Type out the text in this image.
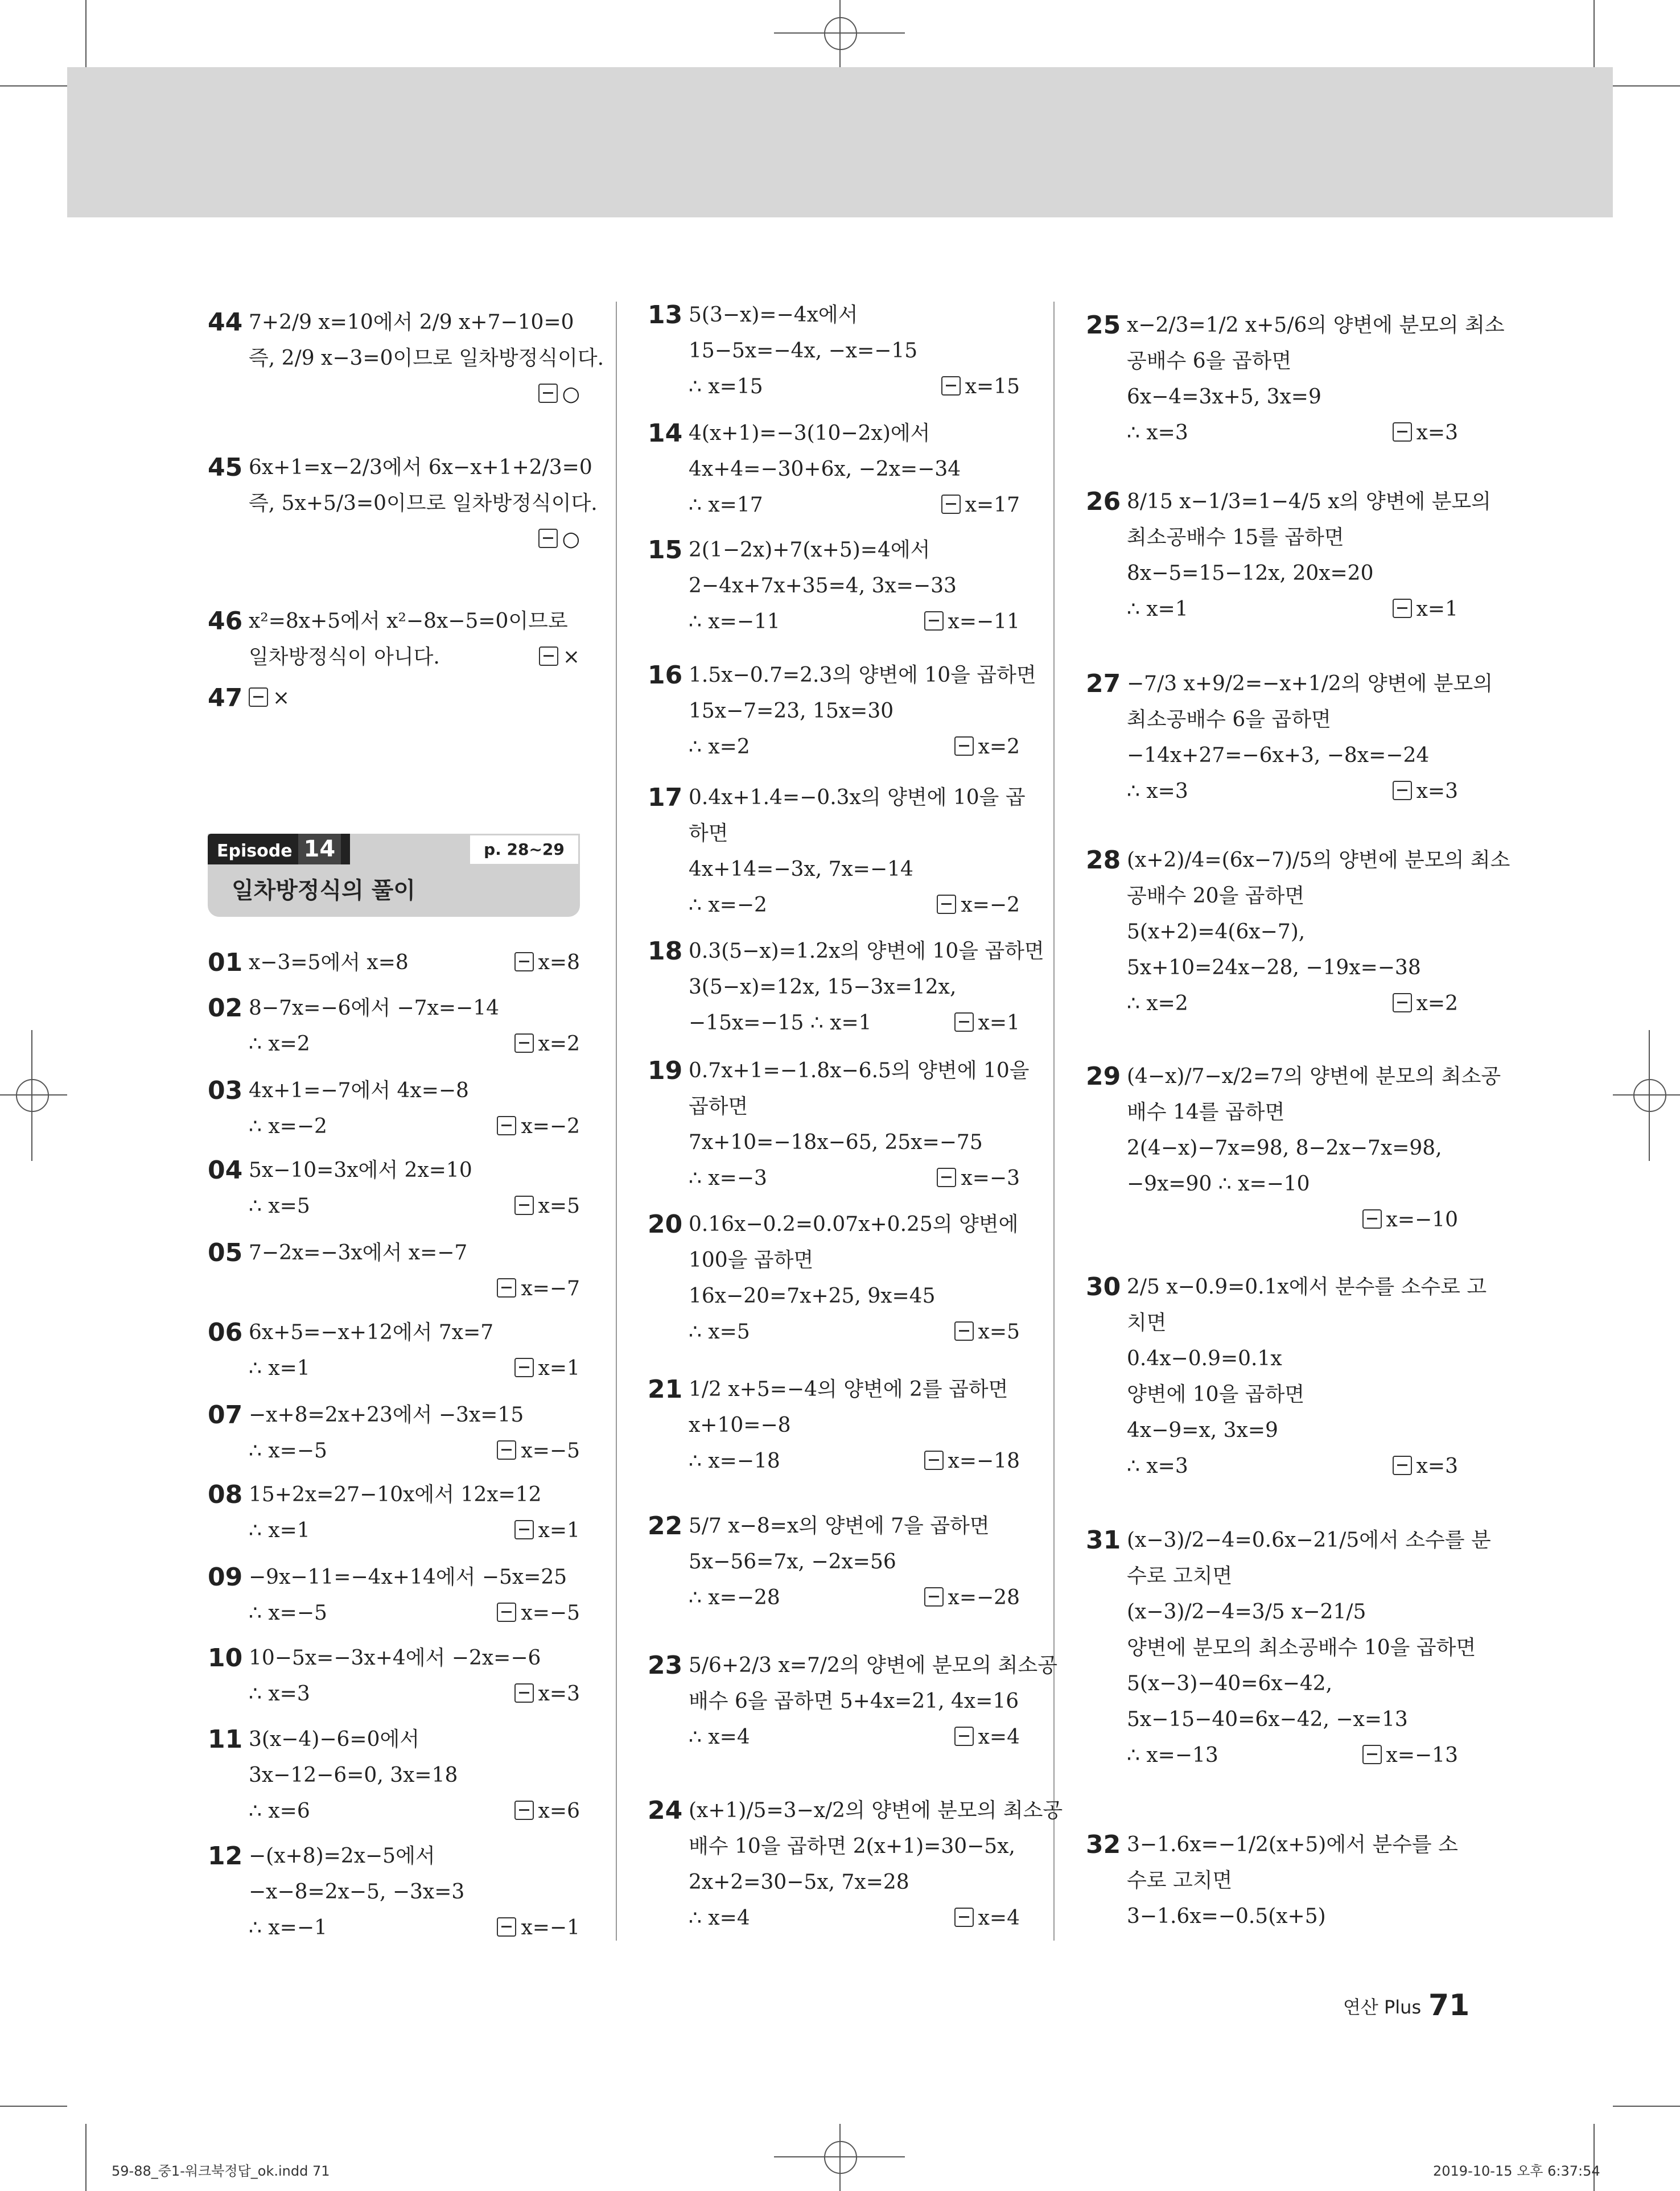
44 7+2/9 x=10에서 2/9 x+7−10=0
즉, 2/9 x−3=0이므로 일차방정식이다.
○
45 6x+1=x−2/3에서 6x−x+1+2/3=0
즉, 5x+5/3=0이므로 일차방정식이다.
○
46 x²=8x+5에서 x²−8x−5=0이므로
일차방정식이 아니다.	×
47	×
01 x−3=5에서 x=8	x=8
02 8−7x=−6에서 −7x=−14
∴ x=2	x=2
03 4x+1=−7에서 4x=−8
∴ x=−2	x=−2
04 5x−10=3x에서 2x=10
∴ x=5	x=5
05 7−2x=−3x에서 x=−7
x=−7
06 6x+5=−x+12에서 7x=7
∴ x=1	x=1
07 −x+8=2x+23에서 −3x=15
∴ x=−5	x=−5
08 15+2x=27−10x에서 12x=12
∴ x=1	x=1
09 −9x−11=−4x+14에서 −5x=25
∴ x=−5	x=−5
10 10−5x=−3x+4에서 −2x=−6
∴ x=3	x=3
11 3(x−4)−6=0에서
3x−12−6=0, 3x=18
∴ x=6	x=6
12 −(x+8)=2x−5에서
−x−8=2x−5, −3x=3
∴ x=−1	x=−1
13 5(3−x)=−4x에서
15−5x=−4x, −x=−15
∴ x=15	x=15
14 4(x+1)=−3(10−2x)에서
4x+4=−30+6x, −2x=−34
∴ x=17	x=17
15 2(1−2x)+7(x+5)=4에서
2−4x+7x+35=4, 3x=−33
∴ x=−11	x=−11
16 1.5x−0.7=2.3의 양변에 10을 곱하면
15x−7=23, 15x=30
∴ x=2	x=2
17 0.4x+1.4=−0.3x의 양변에 10을 곱
하면
4x+14=−3x, 7x=−14
∴ x=−2	x=−2
18 0.3(5−x)=1.2x의 양변에 10을 곱하면
3(5−x)=12x, 15−3x=12x,
−15x=−15 ∴ x=1	x=1
19 0.7x+1=−1.8x−6.5의 양변에 10을
곱하면
7x+10=−18x−65, 25x=−75
∴ x=−3	x=−3
20 0.16x−0.2=0.07x+0.25의 양변에
100을 곱하면
16x−20=7x+25, 9x=45
∴ x=5	x=5
21 1/2 x+5=−4의 양변에 2를 곱하면
x+10=−8
∴ x=−18	x=−18
22 5/7 x−8=x의 양변에 7을 곱하면
5x−56=7x, −2x=56
∴ x=−28	x=−28
23 5/6+2/3 x=7/2의 양변에 분모의 최소공
배수 6을 곱하면 5+4x=21, 4x=16
∴ x=4	x=4
24 (x+1)/5=3−x/2의 양변에 분모의 최소공
배수 10을 곱하면 2(x+1)=30−5x,
2x+2=30−5x, 7x=28
∴ x=4	x=4
25 x−2/3=1/2 x+5/6의 양변에 분모의 최소
공배수 6을 곱하면
6x−4=3x+5, 3x=9
∴ x=3	x=3
26 8/15 x−1/3=1−4/5 x의 양변에 분모의
최소공배수 15를 곱하면
8x−5=15−12x, 20x=20
∴ x=1	x=1
27 −7/3 x+9/2=−x+1/2의 양변에 분모의
최소공배수 6을 곱하면
−14x+27=−6x+3, −8x=−24
∴ x=3	x=3
28 (x+2)/4=(6x−7)/5의 양변에 분모의 최소
공배수 20을 곱하면
5(x+2)=4(6x−7),
5x+10=24x−28, −19x=−38
∴ x=2	x=2
29 (4−x)/7−x/2=7의 양변에 분모의 최소공
배수 14를 곱하면
2(4−x)−7x=98, 8−2x−7x=98,
−9x=90 ∴ x=−10
x=−10
30 2/5 x−0.9=0.1x에서 분수를 소수로 고
치면
0.4x−0.9=0.1x
양변에 10을 곱하면
4x−9=x, 3x=9
∴ x=3	x=3
31 (x−3)/2−4=0.6x−21/5에서 소수를 분
수로 고치면
(x−3)/2−4=3/5 x−21/5
양변에 분모의 최소공배수 10을 곱하면
5(x−3)−40=6x−42,
5x−15−40=6x−42, −x=13
∴ x=−13	x=−13
32 3−1.6x=−1/2(x+5)에서 분수를 소
수로 고치면
3−1.6x=−0.5(x+5)
Episode 14	p. 28~29
일차방정식의 풀이
연산 Plus 71
59-88_중1-워크북정답_ok.indd 71	2019-10-15 오후 6:37:54
